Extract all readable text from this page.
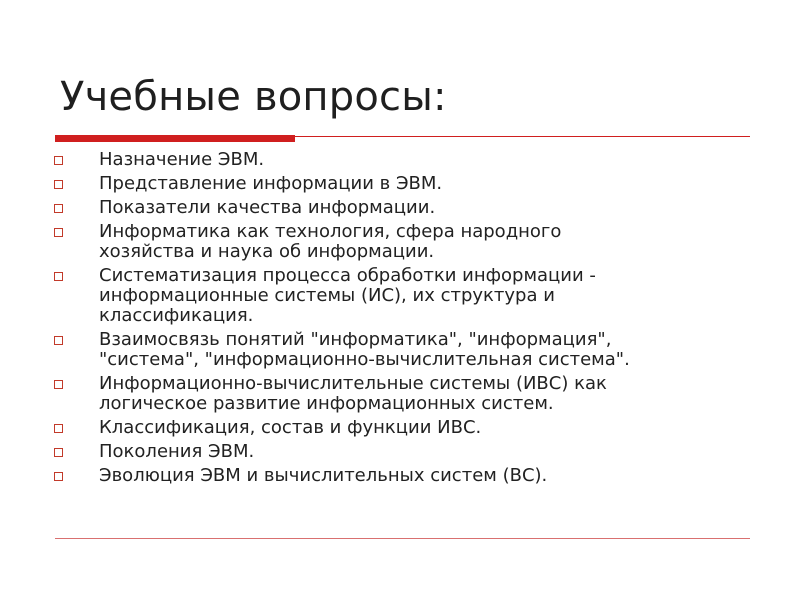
Учебные вопросы:
Назначение ЭВМ.
Представление информации в ЭВМ.
Показатели качества информации.
Информатика как технология, сфера народного
хозяйства и наука об информации.
Систематизация процесса обработки информации -
информационные системы (ИС), их структура и
классификация.
Взаимосвязь понятий "информатика", "информация",
"система", "информационно-вычислительная система".
Информационно-вычислительные системы (ИВС) как
логическое развитие информационных систем.
Классификация, состав и функции ИВС.
Поколения ЭВМ.
Эволюция ЭВМ и вычислительных систем (ВС).
